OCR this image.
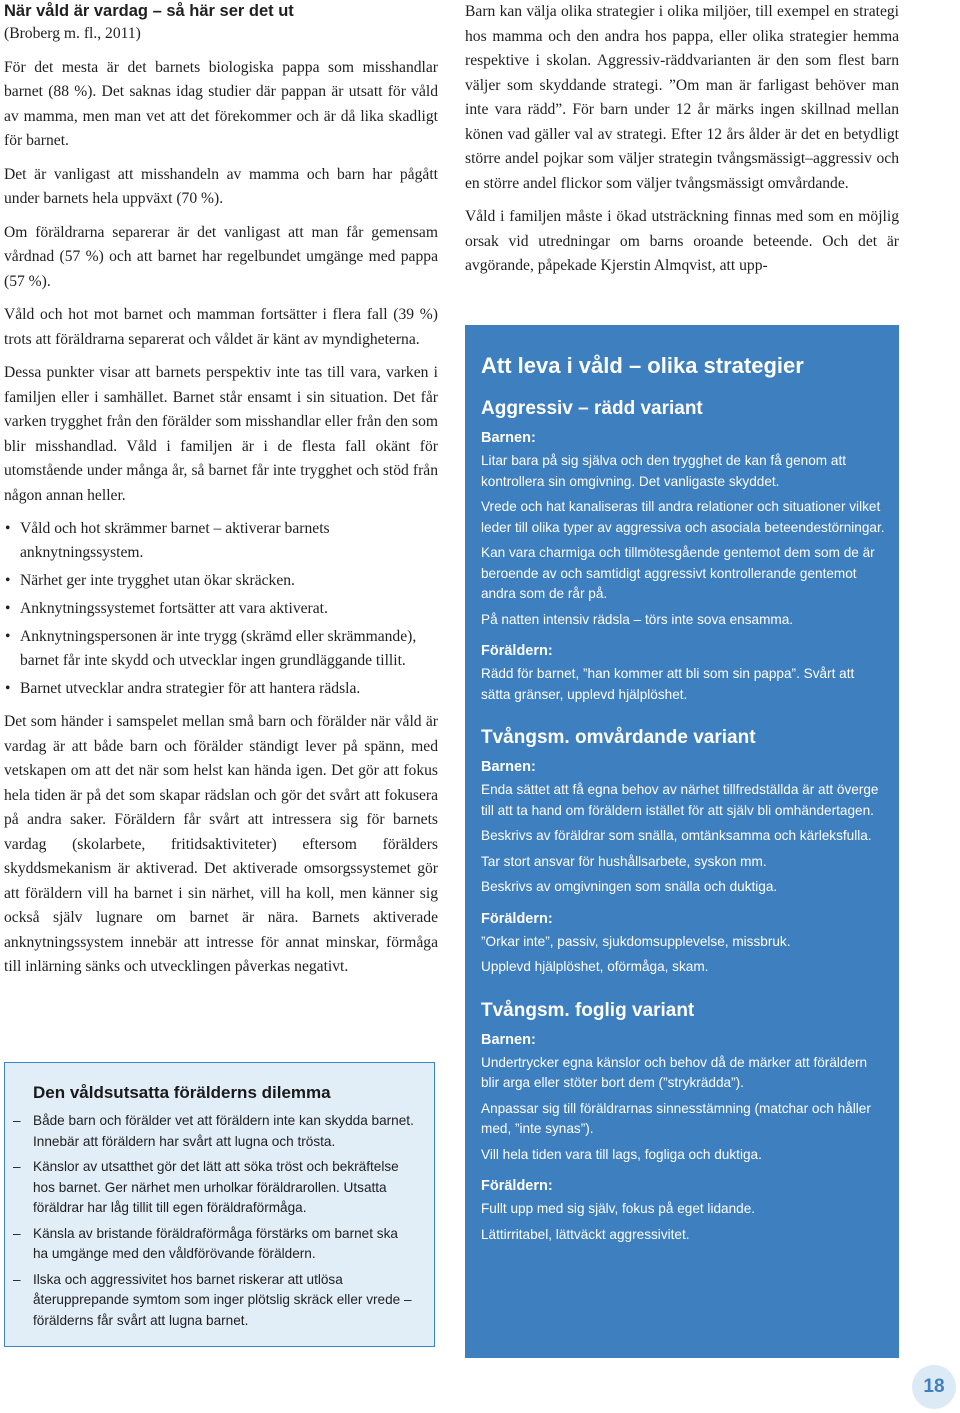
När våld är vardag – så här ser det ut

(Broberg m. fl., 2011)

För det mesta är det barnets biologiska pappa som misshandlar barnet (88 %). Det saknas idag studier där pappan är utsatt för våld av mamma, men man vet att det förekommer och är då lika skadligt för barnet.

Det är vanligast att misshandeln av mamma och barn har pågått under barnets hela uppväxt (70 %).

Om föräldrarna separerar är det vanligast att man får gemensam vårdnad (57 %) och att barnet har regelbundet umgänge med pappa (57 %).

Våld och hot mot barnet och mamman fortsätter i flera fall (39 %) trots att föräldrarna separerat och våldet är känt av myndigheterna.

Dessa punkter visar att barnets perspektiv inte tas till vara, varken i familjen eller i samhället. Barnet står ensamt i sin situation. Det får varken trygghet från den förälder som misshandlar eller från den som blir misshandlad. Våld i familjen är i de flesta fall okänt för utomstående under många år, så barnet får inte trygghet och stöd från någon annan heller.

• Våld och hot skrämmer barnet – aktiverar barnets anknytningssystem.
• Närhet ger inte trygghet utan ökar skräcken.
• Anknytningssystemet fortsätter att vara aktiverat.
• Anknytningspersonen är inte trygg (skrämd eller skrämmande), barnet får inte skydd och utvecklar ingen grundläggande tillit.
• Barnet utvecklar andra strategier för att hantera rädsla.

Det som händer i samspelet mellan små barn och förälder när våld är vardag är att både barn och förälder ständigt lever på spänn, med vetskapen om att det när som helst kan hända igen. Det gör att fokus hela tiden är på det som skapar rädslan och gör det svårt att fokusera på andra saker. Föräldern får svårt att intressera sig för barnets vardag (skolarbete, fritidsaktiviteter) eftersom förälders skyddsmekanism är aktiverad. Det aktiverade omsorgssystemet gör att föräldern vill ha barnet i sin närhet, vill ha koll, men känner sig också själv lugnare om barnet är nära. Barnets aktiverade anknytningssystem innebär att intresse för annat minskar, förmåga till inlärning sänks och utvecklingen påverkas negativt.

Den våldsutsatta förälderns dilemma
– Både barn och förälder vet att föräldern inte kan skydda barnet. Innebär att föräldern har svårt att lugna och trösta.
– Känslor av utsatthet gör det lätt att söka tröst och bekräftelse hos barnet. Ger närhet men urholkar föräldrarollen. Utsatta föräldrar har låg tillit till egen föräldraförmåga.
– Känsla av bristande föräldraförmåga förstärks om barnet ska ha umgänge med den våldförövande föräldern.
– Ilska och aggressivitet hos barnet riskerar att utlösa återupprepande symtom som inger plötslig skräck eller vrede – förälderns får svårt att lugna barnet.

Barn kan välja olika strategier i olika miljöer, till exempel en strategi hos mamma och den andra hos pappa, eller olika strategier hemma respektive i skolan. Aggressiv-räddvarianten är den som flest barn väljer som skyddande strategi. ”Om man är farligast behöver man inte vara rädd”. För barn under 12 år märks ingen skillnad mellan könen vad gäller val av strategi. Efter 12 års ålder är det en betydligt större andel pojkar som väljer strategin tvångsmässigt–aggressiv och en större andel flickor som väljer tvångsmässigt omvårdande.

Våld i familjen måste i ökad utsträckning finnas med som en möjlig orsak vid utredningar om barns oroande beteende. Och det är avgörande, påpekade Kjerstin Almqvist, att upp-

Att leva i våld – olika strategier
Aggressiv – rädd variant
Barnen:

Litar bara på sig själva och den trygghet de kan få genom att kontrollera sin omgivning. Det vanligaste skyddet.

Vrede och hat kanaliseras till andra relationer och situationer vilket leder till olika typer av aggressiva och asociala beteendestörningar.

Kan vara charmiga och tillmötesgående gentemot dem som de är beroende av och samtidigt aggressivt kontrollerande gentemot andra som de rår på.

På natten intensiv rädsla – törs inte sova ensamma.

Föräldern:

Rädd för barnet, ”han kommer att bli som sin pappa”. Svårt att sätta gränser, upplevd hjälplöshet.

Tvångsm. omvårdande variant
Barnen:

Enda sättet att få egna behov av närhet tillfredställda är att överge till att ta hand om föräldern istället för att själv bli omhändertagen.

Beskrivs av föräldrar som snälla, omtänksamma och kärleksfulla.

Tar stort ansvar för hushållsarbete, syskon mm.

Beskrivs av omgivningen som snälla och duktiga.

Föräldern:

”Orkar inte”, passiv, sjukdomsupplevelse, missbruk.

Upplevd hjälplöshet, oförmåga, skam.

Tvångsm. foglig variant
Barnen:

Undertrycker egna känslor och behov då de märker att föräldern blir arga eller stöter bort dem (”strykrädda”).

Anpassar sig till föräldrarnas sinnesstämning (matchar och håller med, ”inte synas”).

Vill hela tiden vara till lags, fogliga och duktiga.

Föräldern:

Fullt upp med sig själv, fokus på eget lidande.

Lättirritabel, lättväckt aggressivitet.

18
